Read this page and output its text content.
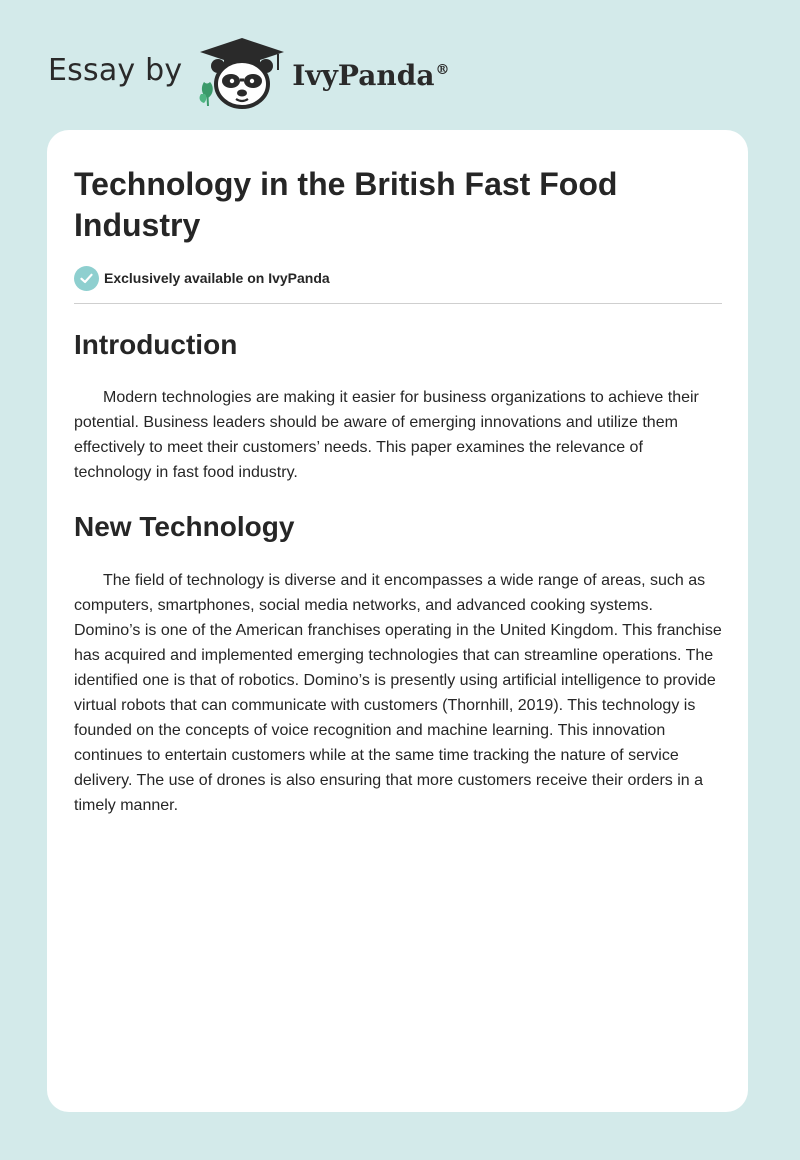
Essay by	IvyPanda®
Technology in the British Fast Food Industry
Exclusively available on IvyPanda
Introduction

Modern technologies are making it easier for business organizations to achieve their potential. Business leaders should be aware of emerging innovations and utilize them effectively to meet their customers’ needs. This paper examines the relevance of technology in fast food industry.

New Technology

The field of technology is diverse and it encompasses a wide range of areas, such as computers, smartphones, social media networks, and advanced cooking systems. Domino’s is one of the American franchises operating in the United Kingdom. This franchise has acquired and implemented emerging technologies that can streamline operations. The identified one is that of robotics. Domino’s is presently using artificial intelligence to provide virtual robots that can communicate with customers (Thornhill, 2019). This technology is founded on the concepts of voice recognition and machine learning. This innovation continues to entertain customers while at the same time tracking the nature of service delivery. The use of drones is also ensuring that more customers receive their orders in a timely manner.
